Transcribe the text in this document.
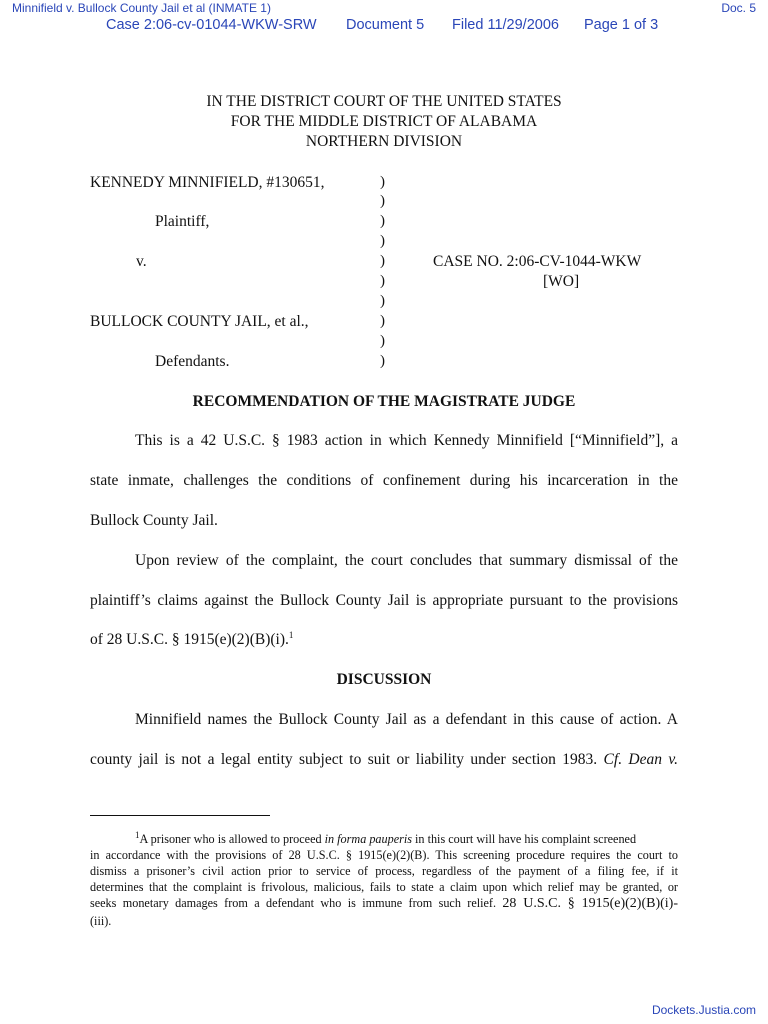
Minnifield v. Bullock County Jail et al (INMATE 1)	Doc. 5
Case 2:06-cv-01044-WKW-SRW Document 5 Filed 11/29/2006 Page 1 of 3
IN THE DISTRICT COURT OF THE UNITED STATES
FOR THE MIDDLE DISTRICT OF ALABAMA
NORTHERN DIVISION
KENNEDY MINNIFIELD, #130651,
Plaintiff,
v.
BULLOCK COUNTY JAIL, et al.,
Defendants.
)
)
)
)
)
)
)
)
)
)
CASE NO. 2:06-CV-1044-WKW
[WO]
RECOMMENDATION OF THE MAGISTRATE JUDGE
This is a 42 U.S.C. § 1983 action in which Kennedy Minnifield [“Minnifield”], a
state inmate, challenges the conditions of confinement during his incarceration in the
Bullock County Jail.
Upon review of the complaint, the court concludes that summary dismissal of the
plaintiff’s claims against the Bullock County Jail is appropriate pursuant to the provisions
of 28 U.S.C. § 1915(e)(2)(B)(i).$^1$
DISCUSSION
Minnifield names the Bullock County Jail as a defendant in this cause of action. A
county jail is not a legal entity subject to suit or liability under section 1983. Cf. Dean v.
$^1$A prisoner who is allowed to proceed in forma pauperis in this court will have his complaint screened
in accordance with the provisions of 28 U.S.C. § 1915(e)(2)(B). This screening procedure requires the court to
dismiss a prisoner’s civil action prior to service of process, regardless of the payment of a filing fee, if it
determines that the complaint is frivolous, malicious, fails to state a claim upon which relief may be granted, or
seeks monetary damages from a defendant who is immune from such relief. 28 U.S.C. § 1915(e)(2)(B)(i)-
(iii).
Dockets.Justia.com
